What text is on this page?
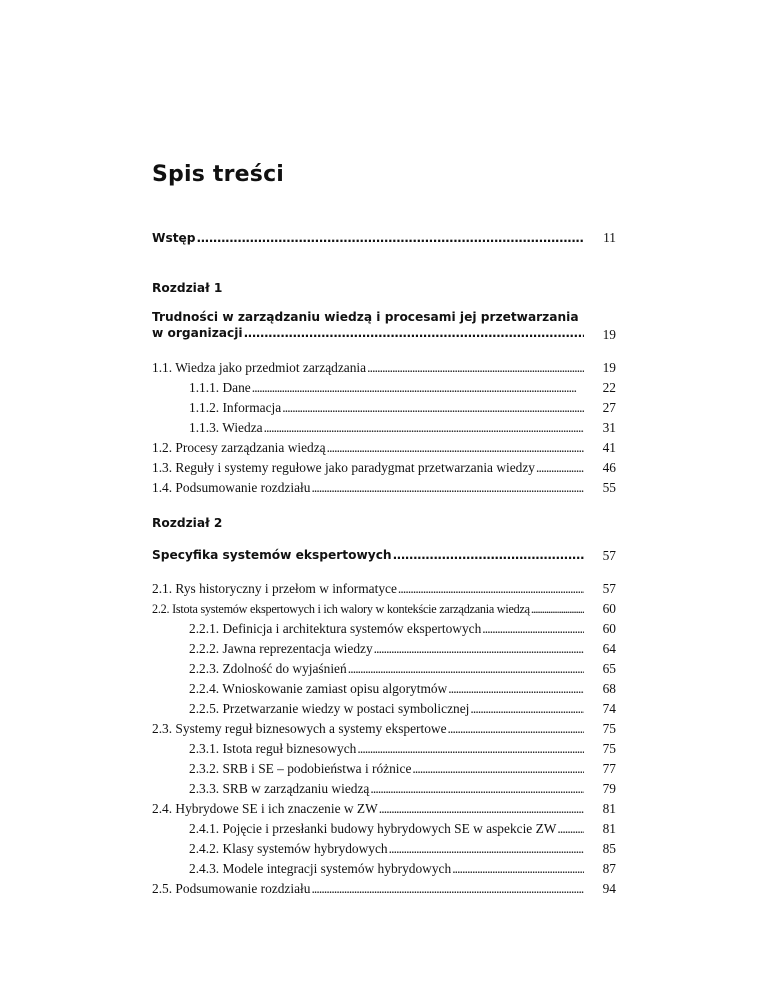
Spis treści
Wstęp . . .	11
Rozdział 1
Trudności w zarządzaniu wiedzą i procesami jej przetwarzania
w organizacji . . .	19
1.1. Wiedza jako przedmiot zarządzania . . .	19
1.1.1. Dane . . .	22
1.1.2. Informacja . . .	27
1.1.3. Wiedza . . .	31
1.2. Procesy zarządzania wiedzą . . .	41
1.3. Reguły i systemy regułowe jako paradygmat przetwarzania wiedzy . . .	46
1.4. Podsumowanie rozdziału . . .	55
Rozdział 2
Specyfika systemów ekspertowych . . .	57
2.1. Rys historyczny i przełom w informatyce . . .	57
2.2. Istota systemów ekspertowych i ich walory w kontekście zarządzania wiedzą . . .	60
2.2.1. Definicja i architektura systemów ekspertowych . . .	60
2.2.2. Jawna reprezentacja wiedzy . . .	64
2.2.3. Zdolność do wyjaśnień . . .	65
2.2.4. Wnioskowanie zamiast opisu algorytmów . . .	68
2.2.5. Przetwarzanie wiedzy w postaci symbolicznej . . .	74
2.3. Systemy reguł biznesowych a systemy ekspertowe . . .	75
2.3.1. Istota reguł biznesowych . . .	75
2.3.2. SRB i SE – podobieństwa i różnice . . .	77
2.3.3. SRB w zarządzaniu wiedzą . . .	79
2.4. Hybrydowe SE i ich znaczenie w ZW . . .	81
2.4.1. Pojęcie i przesłanki budowy hybrydowych SE w aspekcie ZW . . .	81
2.4.2. Klasy systemów hybrydowych . . .	85
2.4.3. Modele integracji systemów hybrydowych . . .	87
2.5. Podsumowanie rozdziału . . .	94
